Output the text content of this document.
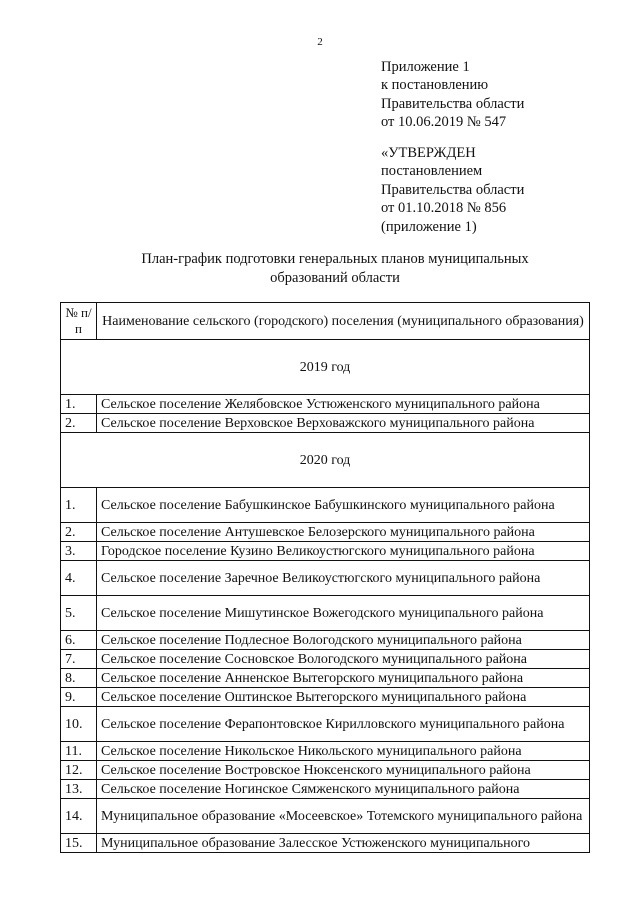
2
Приложение 1
к постановлению
Правительства области
от 10.06.2019 № 547
«УТВЕРЖДЕН
постановлением
Правительства области
от 01.10.2018 № 856
(приложение 1)
План-график подготовки генеральных планов муниципальных
образований области
№ п/п	Наименование сельского (городского) поселения (муниципального образования)
2019 год	
1.	Сельское поселение Желябовское Устюженского муниципального района
2.	Сельское поселение Верховское Верховажского муниципального района
2020 год	
1.	Сельское поселение Бабушкинское Бабушкинского муниципального района
2.	Сельское поселение Антушевское Белозерского муниципального района
3.	Городское поселение Кузино Великоустюгского муниципального района
4.	Сельское поселение Заречное Великоустюгского муниципального района
5.	Сельское поселение Мишутинское Вожегодского муниципального района
6.	Сельское поселение Подлесное Вологодского муниципального района
7.	Сельское поселение Сосновское Вологодского муниципального района
8.	Сельское поселение Анненское Вытегорского муниципального района
9.	Сельское поселение Оштинское Вытегорского муниципального района
10.	Сельское поселение Ферапонтовское Кирилловского муниципального района
11.	Сельское поселение Никольское Никольского муниципального района
12.	Сельское поселение Востровское Нюксенского муниципального района
13.	Сельское поселение Ногинское Сямженского муниципального района
14.	Муниципальное образование «Мосеевское» Тотемского муниципального района
15.	Муниципальное образование Залесское Устюженского муниципального
